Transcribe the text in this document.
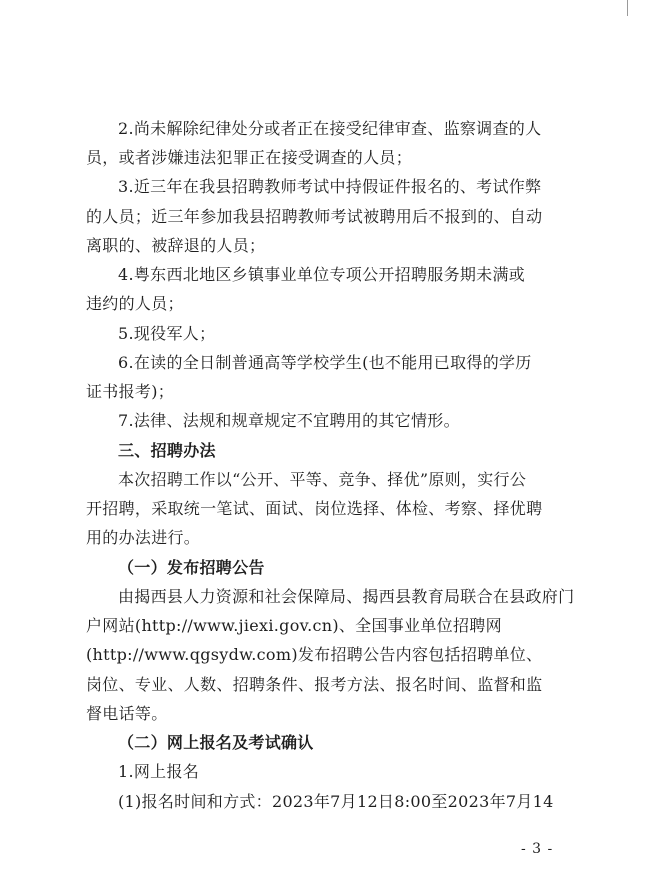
2.尚未解除纪律处分或者正在接受纪律审查、监察调查的人
员，或者涉嫌违法犯罪正在接受调查的人员；
3.近三年在我县招聘教师考试中持假证件报名的、考试作弊
的人员；近三年参加我县招聘教师考试被聘用后不报到的、自动
离职的、被辞退的人员；
4.粤东西北地区乡镇事业单位专项公开招聘服务期未满或
违约的人员；
5.现役军人；
6.在读的全日制普通高等学校学生(也不能用已取得的学历
证书报考)；
7.法律、法规和规章规定不宜聘用的其它情形。
三、招聘办法
本次招聘工作以“公开、平等、竞争、择优”原则，实行公
开招聘，采取统一笔试、面试、岗位选择、体检、考察、择优聘
用的办法进行。
（一）发布招聘公告
由揭西县人力资源和社会保障局、揭西县教育局联合在县政府门
户网站(http://www.jiexi.gov.cn)、全国事业单位招聘网
(http://www.qgsydw.com)发布招聘公告内容包括招聘单位、
岗位、专业、人数、招聘条件、报考方法、报名时间、监督和监
督电话等。
（二）网上报名及考试确认
1.网上报名
(1)报名时间和方式：2023年7月12日8:00至2023年7月14
- 3 -
